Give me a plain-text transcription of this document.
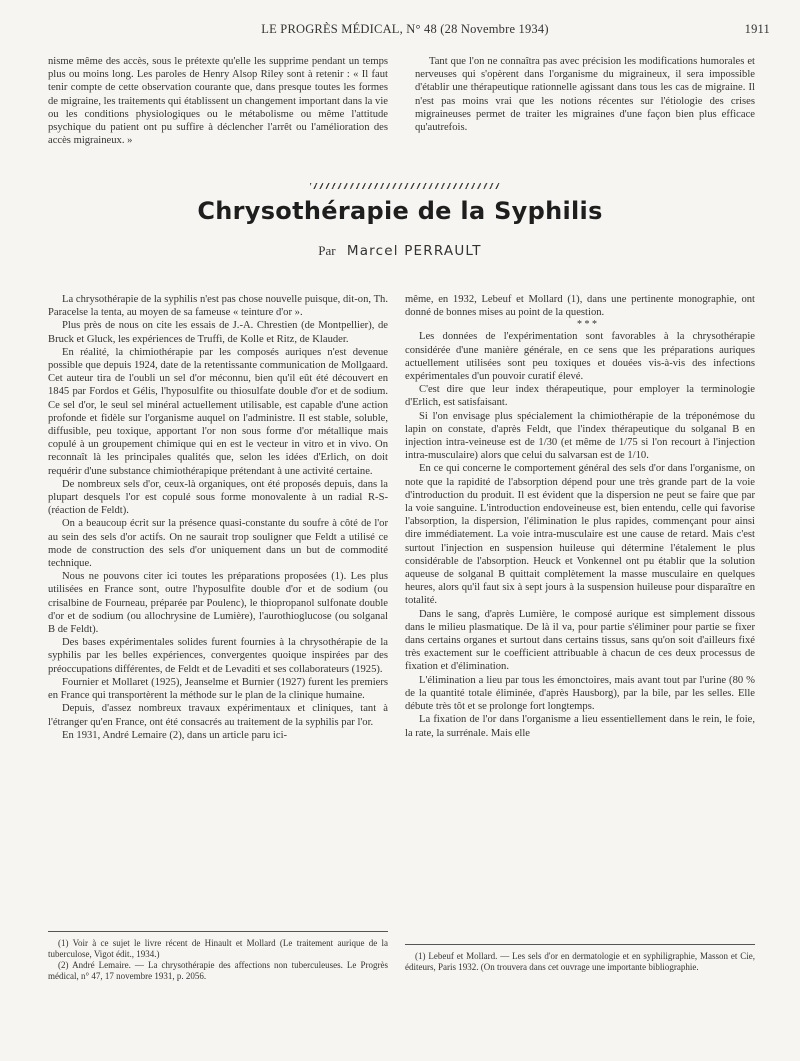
LE PROGRÈS MÉDICAL, N° 48 (28 Novembre 1934)	1911

nisme même des accès, sous le prétexte qu'elle les supprime pendant un temps plus ou moins long. Les paroles de Henry Alsop Riley sont à retenir : « Il faut tenir compte de cette observation courante que, dans presque toutes les formes de migraine, les traitements qui établissent un changement important dans la vie ou les conditions physiologiques ou le métabolisme ou même l'attitude psychique du patient ont pu suffire à déclencher l'arrêt ou l'amélioration des accès migraineux. »

Tant que l'on ne connaîtra pas avec précision les modifications humorales et nerveuses qui s'opèrent dans l'organisme du migraineux, il sera impossible d'établir une thérapeutique rationnelle agissant dans tous les cas de migraine. Il n'est pas moins vrai que les notions récentes sur l'étiologie des crises migraineuses permet de traiter les migraines d'une façon bien plus efficace qu'autrefois.

Chrysothérapie de la Syphilis
Par Marcel PERRAULT

La chrysothérapie de la syphilis n'est pas chose nouvelle puisque, dit-on, Th. Paracelse la tenta, au moyen de sa fameuse « teinture d'or ».

Plus près de nous on cite les essais de J.-A. Chrestien (de Montpellier), de Bruck et Gluck, les expériences de Truffi, de Kolle et Ritz, de Klauder.

En réalité, la chimiothérapie par les composés auriques n'est devenue possible que depuis 1924, date de la retentissante communication de Mollgaard. Cet auteur tira de l'oubli un sel d'or méconnu, bien qu'il eût été découvert en 1845 par Fordos et Gélis, l'hyposulfite ou thiosulfate double d'or et de sodium. Ce sel d'or, le seul sel minéral actuellement utilisable, est capable d'une action profonde et fidèle sur l'organisme auquel on l'administre. Il est stable, soluble, diffusible, peu toxique, apportant l'or non sous forme d'or métallique mais copulé à un groupement chimique qui en est le vecteur in vitro et in vivo. On reconnaît là les principales qualités que, selon les idées d'Erlich, on doit requérir d'une substance chimiothérapique prétendant à une activité certaine.

De nombreux sels d'or, ceux-là organiques, ont été proposés depuis, dans la plupart desquels l'or est copulé sous forme monovalente à un radial R-S-(réaction de Feldt).

On a beaucoup écrit sur la présence quasi-constante du soufre à côté de l'or au sein des sels d'or actifs. On ne saurait trop souligner que Feldt a utilisé ce mode de construction des sels d'or uniquement dans un but de commodité technique.

Nous ne pouvons citer ici toutes les préparations proposées (1). Les plus utilisées en France sont, outre l'hyposulfite double d'or et de sodium (ou crisalbine de Fourneau, préparée par Poulenc), le thiopropanol sulfonate double d'or et de sodium (ou allochrysine de Lumière), l'aurothioglucose (ou solganal B de Feldt).

Des bases expérimentales solides furent fournies à la chrysothérapie de la syphilis par les belles expériences, convergentes quoique inspirées par des préoccupations différentes, de Feldt et de Levaditi et ses collaborateurs (1925).

Fournier et Mollaret (1925), Jeanselme et Burnier (1927) furent les premiers en France qui transportèrent la méthode sur le plan de la clinique humaine.

Depuis, d'assez nombreux travaux expérimentaux et cliniques, tant à l'étranger qu'en France, ont été consacrés au traitement de la syphilis par l'or.

En 1931, André Lemaire (2), dans un article paru ici-

même, en 1932, Lebeuf et Mollard (1), dans une pertinente monographie, ont donné de bonnes mises au point de la question.

* * *

Les données de l'expérimentation sont favorables à la chrysothérapie considérée d'une manière générale, en ce sens que les préparations auriques actuellement utilisées sont peu toxiques et douées vis-à-vis des infections expérimentales d'un pouvoir curatif élevé.

C'est dire que leur index thérapeutique, pour employer la terminologie d'Erlich, est satisfaisant.

Si l'on envisage plus spécialement la chimiothérapie de la tréponémose du lapin on constate, d'après Feldt, que l'index thérapeutique du solganal B en injection intra-veineuse est de 1/30 (et même de 1/75 si l'on recourt à l'injection intra-musculaire) alors que celui du salvarsan est de 1/10.

En ce qui concerne le comportement général des sels d'or dans l'organisme, on note que la rapidité de l'absorption dépend pour une très grande part de la voie d'introduction du produit. Il est évident que la dispersion ne peut se faire que par la voie sanguine. L'introduction endoveineuse est, bien entendu, celle qui favorise l'absorption, la dispersion, l'élimination le plus rapides, commençant pour ainsi dire immédiatement. La voie intra-musculaire est une cause de retard. Mais c'est surtout l'injection en suspension huileuse qui détermine l'étalement le plus considérable de l'absorption. Heuck et Vonkennel ont pu établir que la solution aqueuse de solganal B quittait complètement la masse musculaire en quelques heures, alors qu'il faut six à sept jours à la suspension huileuse pour disparaître en totalité.

Dans le sang, d'après Lumière, le composé aurique est simplement dissous dans le milieu plasmatique. De là il va, pour partie s'éliminer pour partie se fixer dans certains organes et surtout dans certains tissus, sans qu'on soit d'ailleurs fixé très exactement sur le coefficient attribuable à chacun de ces deux processus de fixation et d'élimination.

L'élimination a lieu par tous les émonctoires, mais avant tout par l'urine (80 % de la quantité totale éliminée, d'après Hausborg), par la bile, par les selles. Elle débute très tôt et se prolonge fort longtemps.

La fixation de l'or dans l'organisme a lieu essentiellement dans le rein, le foie, la rate, la surrénale. Mais elle

(1) Voir à ce sujet le livre récent de Hinault et Mollard (Le traitement aurique de la tuberculose, Vigot édit., 1934.)

(2) André Lemaire. — La chrysothérapie des affections non tuberculeuses. Le Progrès médical, n° 47, 17 novembre 1931, p. 2056.

(1) Lebeuf et Mollard. — Les sels d'or en dermatologie et en syphiligraphie, Masson et Cie, éditeurs, Paris 1932. (On trouvera dans cet ouvrage une importante bibliographie.
